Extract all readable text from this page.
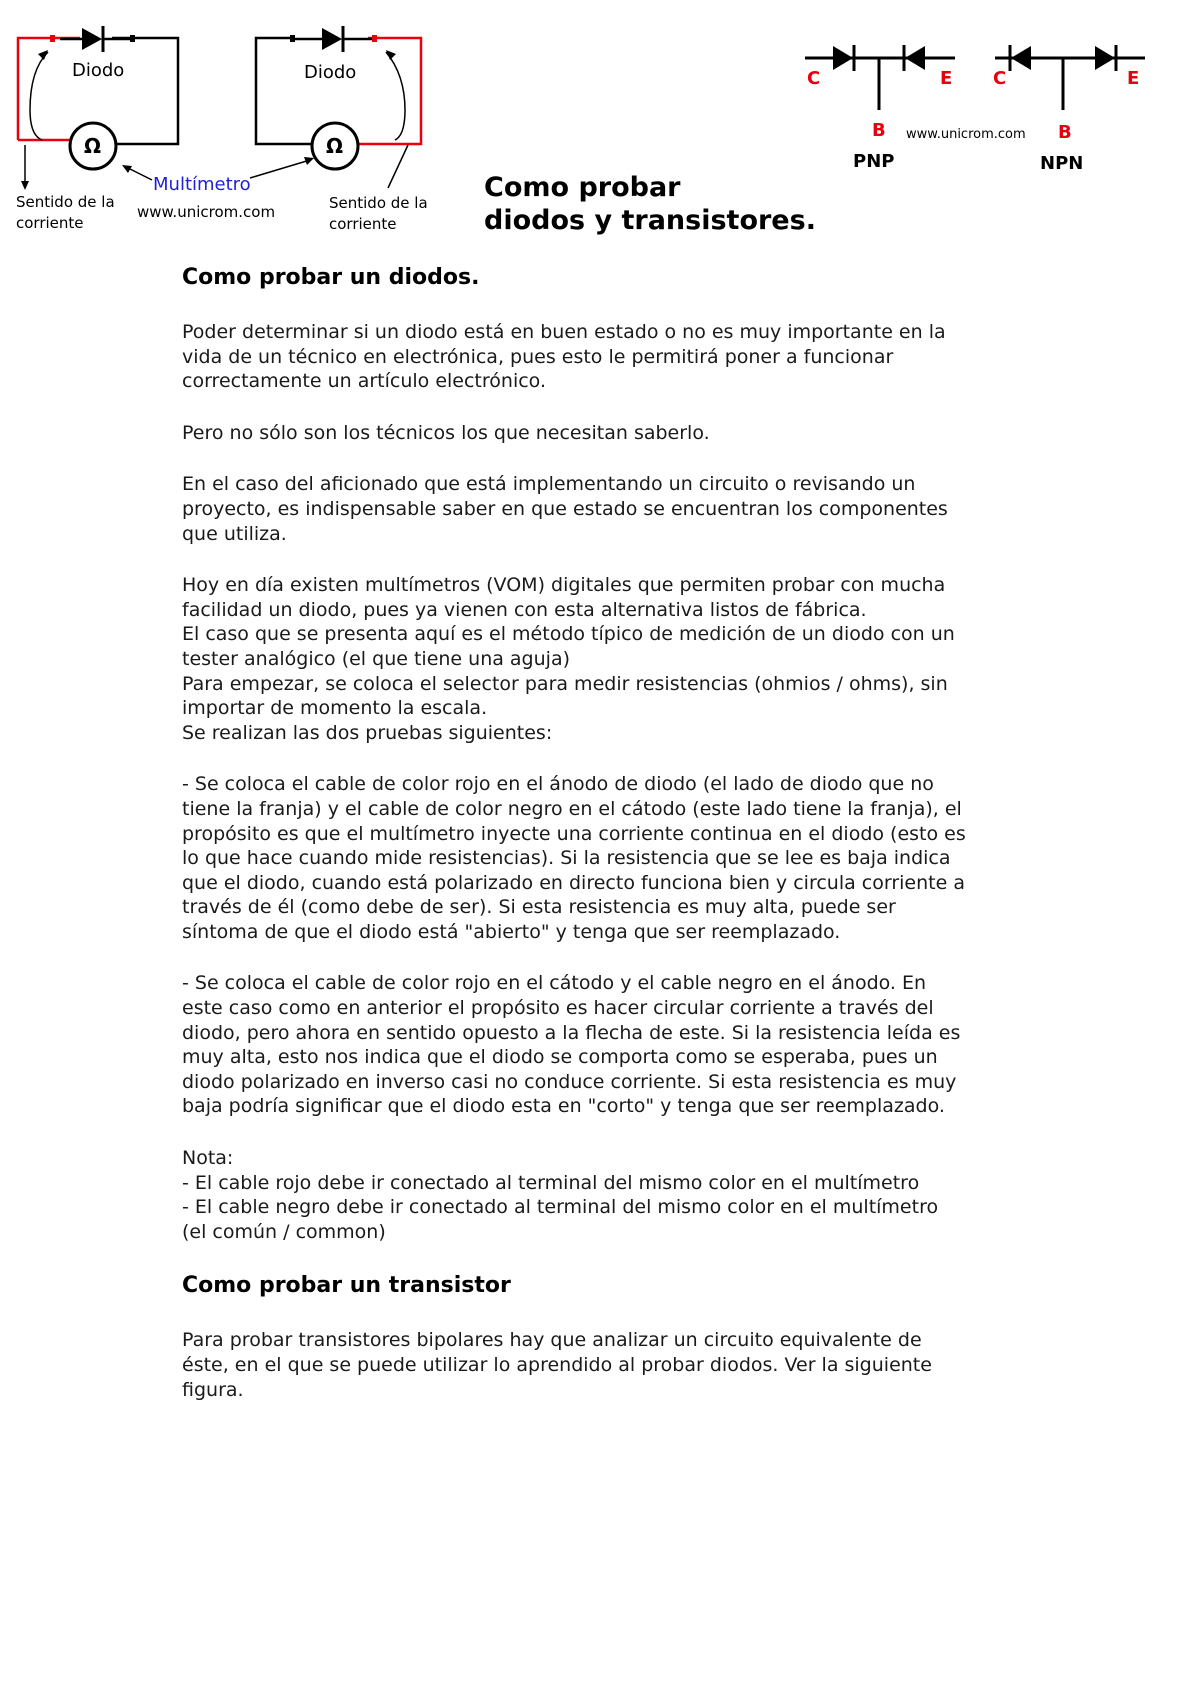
Diodo
Ω
Diodo
Ω
Multímetro
www.unicrom.com
Sentido de la
corriente
Sentido de la
corriente
C	E
B
PNP
C	E
B
NPN
www.unicrom.com
Como probar
diodos y transistores.
Como probar un diodos.

Poder determinar si un diodo está en buen estado o no es muy importante en la
vida de un técnico en electrónica, pues esto le permitirá poner a funcionar
correctamente un artículo electrónico.

Pero no sólo son los técnicos los que necesitan saberlo.

En el caso del aficionado que está implementando un circuito o revisando un
proyecto, es indispensable saber en que estado se encuentran los componentes
que utiliza.

Hoy en día existen multímetros (VOM) digitales que permiten probar con mucha
facilidad un diodo, pues ya vienen con esta alternativa listos de fábrica.
El caso que se presenta aquí es el método típico de medición de un diodo con un
tester analógico (el que tiene una aguja)
Para empezar, se coloca el selector para medir resistencias (ohmios / ohms), sin
importar de momento la escala.
Se realizan las dos pruebas siguientes:

- Se coloca el cable de color rojo en el ánodo de diodo (el lado de diodo que no
tiene la franja) y el cable de color negro en el cátodo (este lado tiene la franja), el
propósito es que el multímetro inyecte una corriente continua en el diodo (esto es
lo que hace cuando mide resistencias). Si la resistencia que se lee es baja indica
que el diodo, cuando está polarizado en directo funciona bien y circula corriente a
través de él (como debe de ser). Si esta resistencia es muy alta, puede ser
síntoma de que el diodo está "abierto" y tenga que ser reemplazado.

- Se coloca el cable de color rojo en el cátodo y el cable negro en el ánodo. En
este caso como en anterior el propósito es hacer circular corriente a través del
diodo, pero ahora en sentido opuesto a la flecha de este. Si la resistencia leída es
muy alta, esto nos indica que el diodo se comporta como se esperaba, pues un
diodo polarizado en inverso casi no conduce corriente. Si esta resistencia es muy
baja podría significar que el diodo esta en "corto" y tenga que ser reemplazado.

Nota:
- El cable rojo debe ir conectado al terminal del mismo color en el multímetro
- El cable negro debe ir conectado al terminal del mismo color en el multímetro
(el común / common)

Como probar un transistor

Para probar transistores bipolares hay que analizar un circuito equivalente de
éste, en el que se puede utilizar lo aprendido al probar diodos. Ver la siguiente
figura.
